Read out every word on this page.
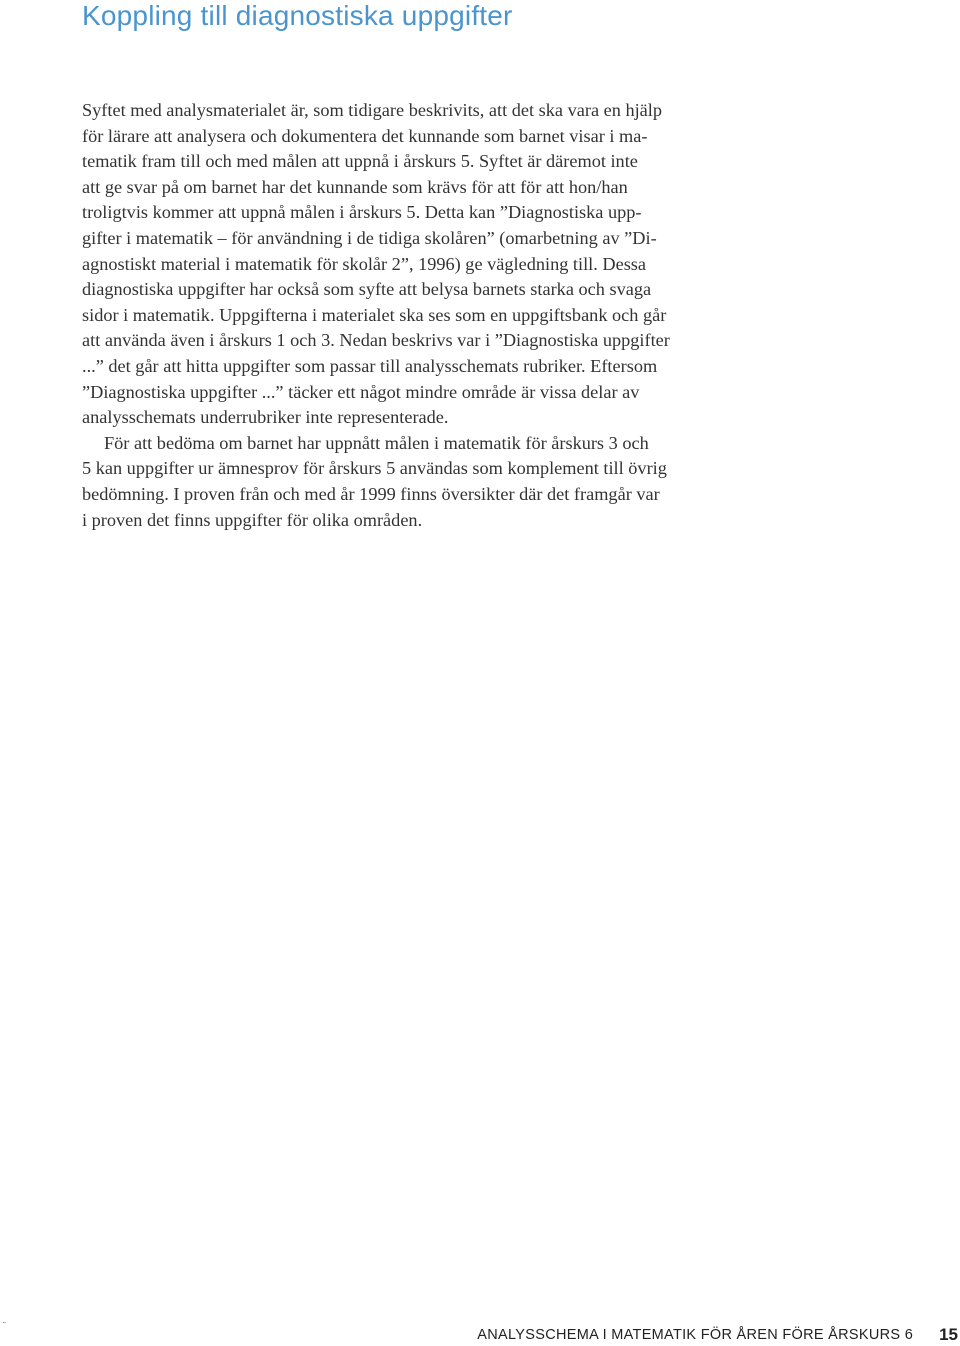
Koppling till diagnostiska uppgifter
Syftet med analysmaterialet är, som tidigare beskrivits, att det ska vara en hjälp
för lärare att analysera och dokumentera det kunnande som barnet visar i ma-
tematik fram till och med målen att uppnå i årskurs 5. Syftet är däremot inte
att ge svar på om barnet har det kunnande som krävs för att för att hon/han
troligtvis kommer att uppnå målen i årskurs 5. Detta kan ”Diagnostiska upp-
gifter i matematik – för användning i de tidiga skolåren” (omarbetning av ”Di-
agnostiskt material i matematik för skolår 2”, 1996) ge vägledning till. Dessa
diagnostiska uppgifter har också som syfte att belysa barnets starka och svaga
sidor i matematik. Uppgifterna i materialet ska ses som en uppgiftsbank och går
att använda även i årskurs 1 och 3. Nedan beskrivs var i ”Diagnostiska uppgifter
...” det går att hitta uppgifter som passar till analysschemats rubriker. Eftersom
”Diagnostiska uppgifter ...” täcker ett något mindre område är vissa delar av
analysschemats underrubriker inte representerade.
För att bedöma om barnet har uppnått målen i matematik för årskurs 3 och
5 kan uppgifter ur ämnesprov för årskurs 5 användas som komplement till övrig
bedömning. I proven från och med år 1999 finns översikter där det framgår var
i proven det finns uppgifter för olika områden.
¨	ANALYSSCHEMA I MATEMATIK FÖR ÅREN FÖRE ÅRSKURS 6 15
